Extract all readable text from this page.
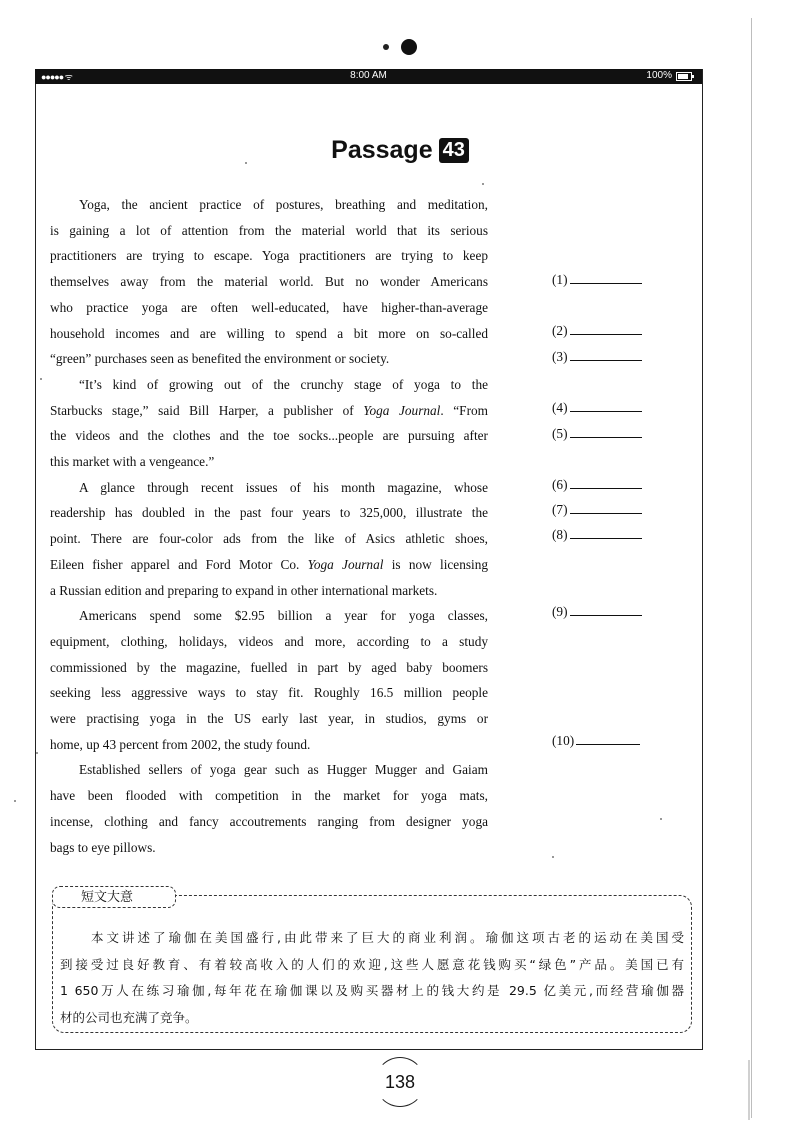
●●●●● ᯤ	8:00 AM	100%
Passage 43
Yoga, the ancient practice of postures, breathing and meditation,
is gaining a lot of attention from the material world that its serious
practitioners are trying to escape. Yoga practitioners are trying to keep
themselves away from the material world. But no wonder Americans
who practice yoga are often well-educated, have higher-than-average
household incomes and are willing to spend a bit more on so-called
“green” purchases seen as benefited the environment or society.
“It’s kind of growing out of the crunchy stage of yoga to the
Starbucks stage,” said Bill Harper, a publisher of Yoga Journal. “From
the videos and the clothes and the toe socks...people are pursuing after
this market with a vengeance.”
A glance through recent issues of his month magazine, whose
readership has doubled in the past four years to 325,000, illustrate the
point. There are four-color ads from the like of Asics athletic shoes,
Eileen fisher apparel and Ford Motor Co. Yoga Journal is now licensing
a Russian edition and preparing to expand in other international markets.
Americans spend some $2.95 billion a year for yoga classes,
equipment, clothing, holidays, videos and more, according to a study
commissioned by the magazine, fuelled in part by aged baby boomers
seeking less aggressive ways to stay fit. Roughly 16.5 million people
were practising yoga in the US early last year, in studios, gyms or
home, up 43 percent from 2002, the study found.
Established sellers of yoga gear such as Hugger Mugger and Gaiam
have been flooded with competition in the market for yoga mats,
incense, clothing and fancy accoutrements ranging from designer yoga
bags to eye pillows.
(1)
(2)
(3)
(4)
(5)
(6)
(7)
(8)
(9)
(10)
短文大意
本文讲述了瑜伽在美国盛行,由此带来了巨大的商业利润。瑜伽这项古老的运动在美国受
到接受过良好教育、有着较高收入的人们的欢迎,这些人愿意花钱购买“绿色”产品。美国已有
1 650万人在练习瑜伽,每年花在瑜伽课以及购买器材上的钱大约是 29.5 亿美元,而经营瑜伽器
材的公司也充满了竞争。
138
